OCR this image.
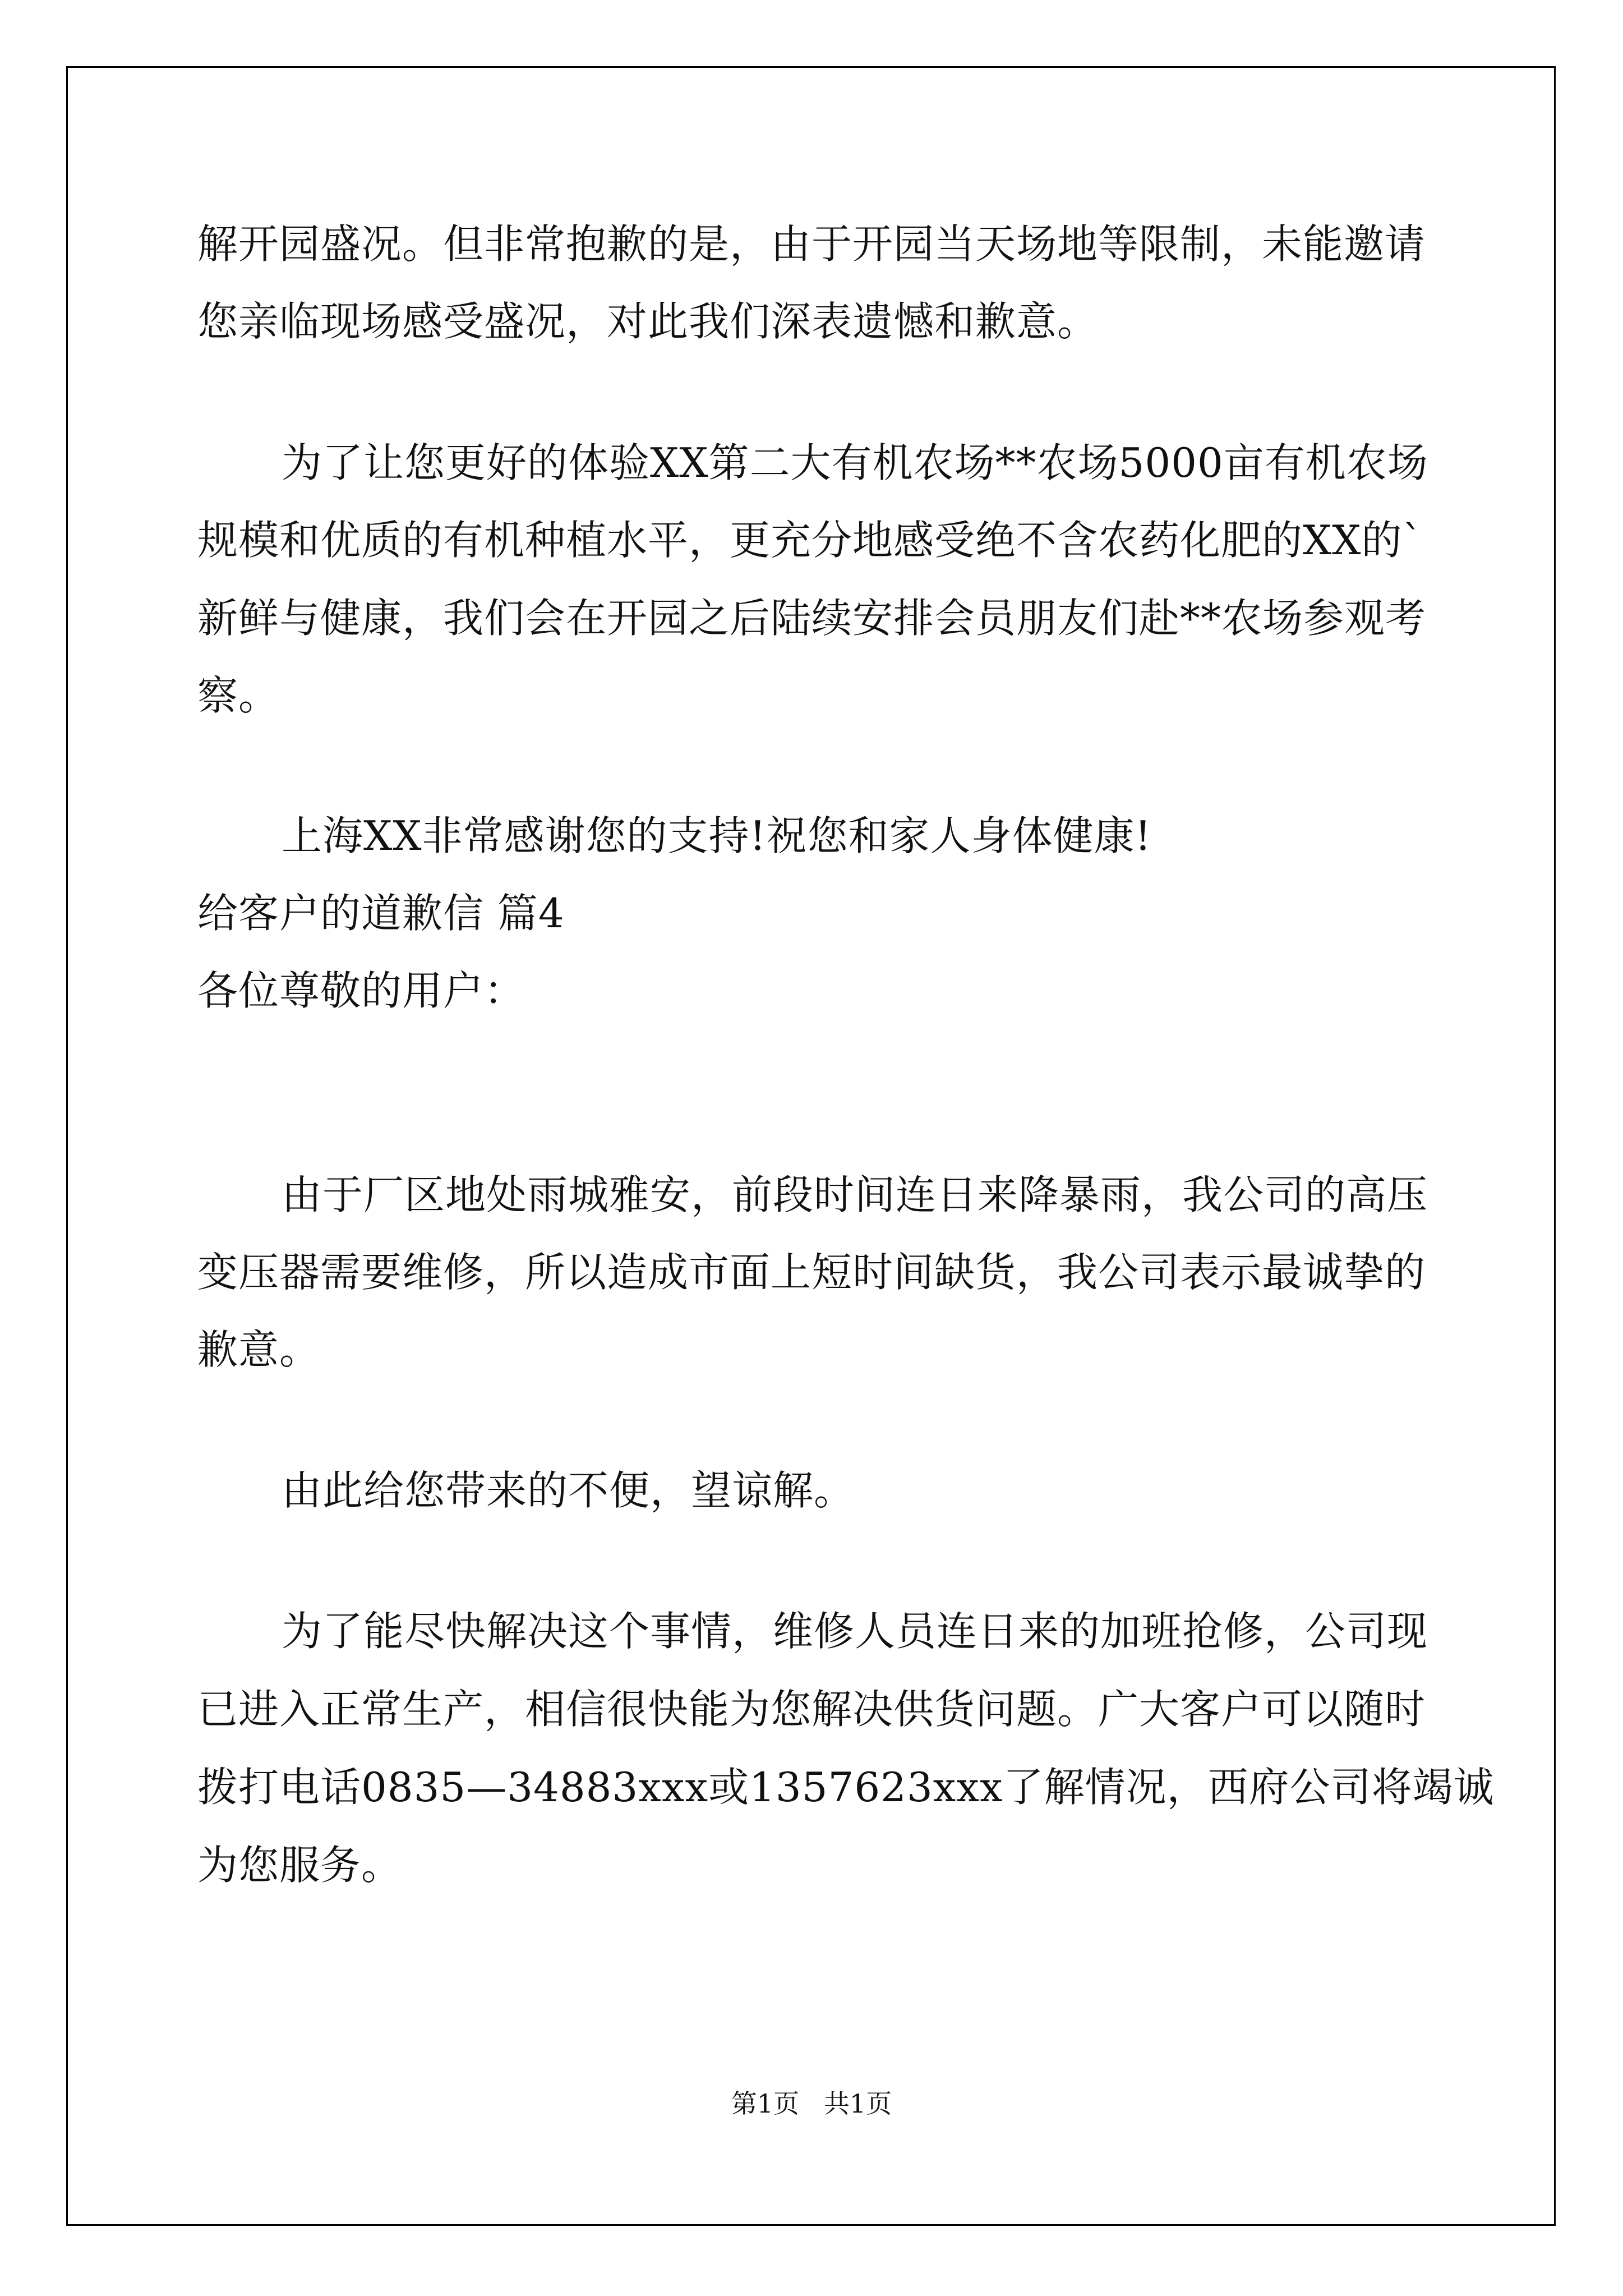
解开园盛况。但非常抱歉的是，由于开园当天场地等限制，未能邀请
您亲临现场感受盛况，对此我们深表遗憾和歉意。
为了让您更好的体验XX第二大有机农场**农场5000亩有机农场
规模和优质的有机种植水平，更充分地感受绝不含农药化肥的XX的`
新鲜与健康，我们会在开园之后陆续安排会员朋友们赴**农场参观考
察。
上海XX非常感谢您的支持!祝您和家人身体健康!
给客户的道歉信 篇4
各位尊敬的用户：
由于厂区地处雨城雅安，前段时间连日来降暴雨，我公司的高压
变压器需要维修，所以造成市面上短时间缺货，我公司表示最诚挚的
歉意。
由此给您带来的不便，望谅解。
为了能尽快解决这个事情，维修人员连日来的加班抢修，公司现
已进入正常生产，相信很快能为您解决供货问题。广大客户可以随时
拨打电话0835—34883xxx或1357623xxx了解情况，西府公司将竭诚
为您服务。
第1页   共1页
